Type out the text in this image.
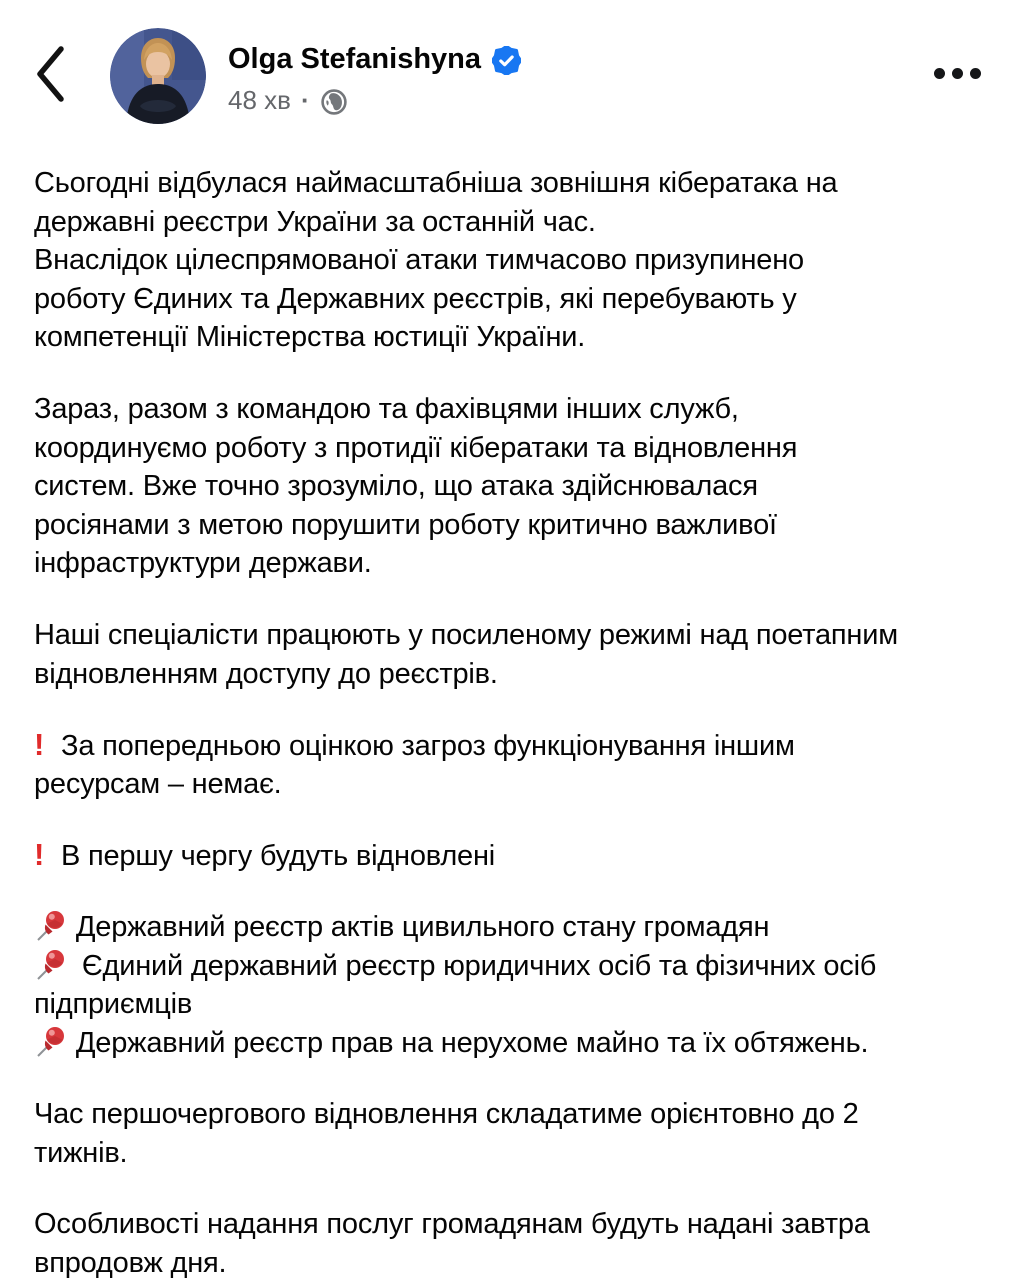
Olga Stefanishyna
48 хв ·

Сьогодні відбулася наймасштабніша зовнішня кібератака на
державні реєстри України за останній час.
Внаслідок цілеспрямованої атаки тимчасово призупинено
роботу Єдиних та Державних реєстрів, які перебувають у
компетенції Міністерства юстиції України.

Зараз, разом з командою та фахівцями інших служб,
координуємо роботу з протидії кібератаки та відновлення
систем. Вже точно зрозуміло, що атака здійснювалася
росіянами з метою порушити роботу критично важливої
інфраструктури держави.

Наші спеціалісти працюють у посиленому режимі над поетапним
відновленням доступу до реєстрів.

! За попередньою оцінкою загроз функціонування іншим
ресурсам – немає.

! В першу чергу будуть відновлені

Державний реєстр актів цивильного стану громадян
Єдиний державний реєстр юридичних осіб та фізичних осіб
підприємців
Державний реєстр прав на нерухоме майно та їх обтяжень.

Час першочергового відновлення складатиме орієнтовно до 2
тижнів.

Особливості надання послуг громадянам будуть надані завтра
впродовж дня.
